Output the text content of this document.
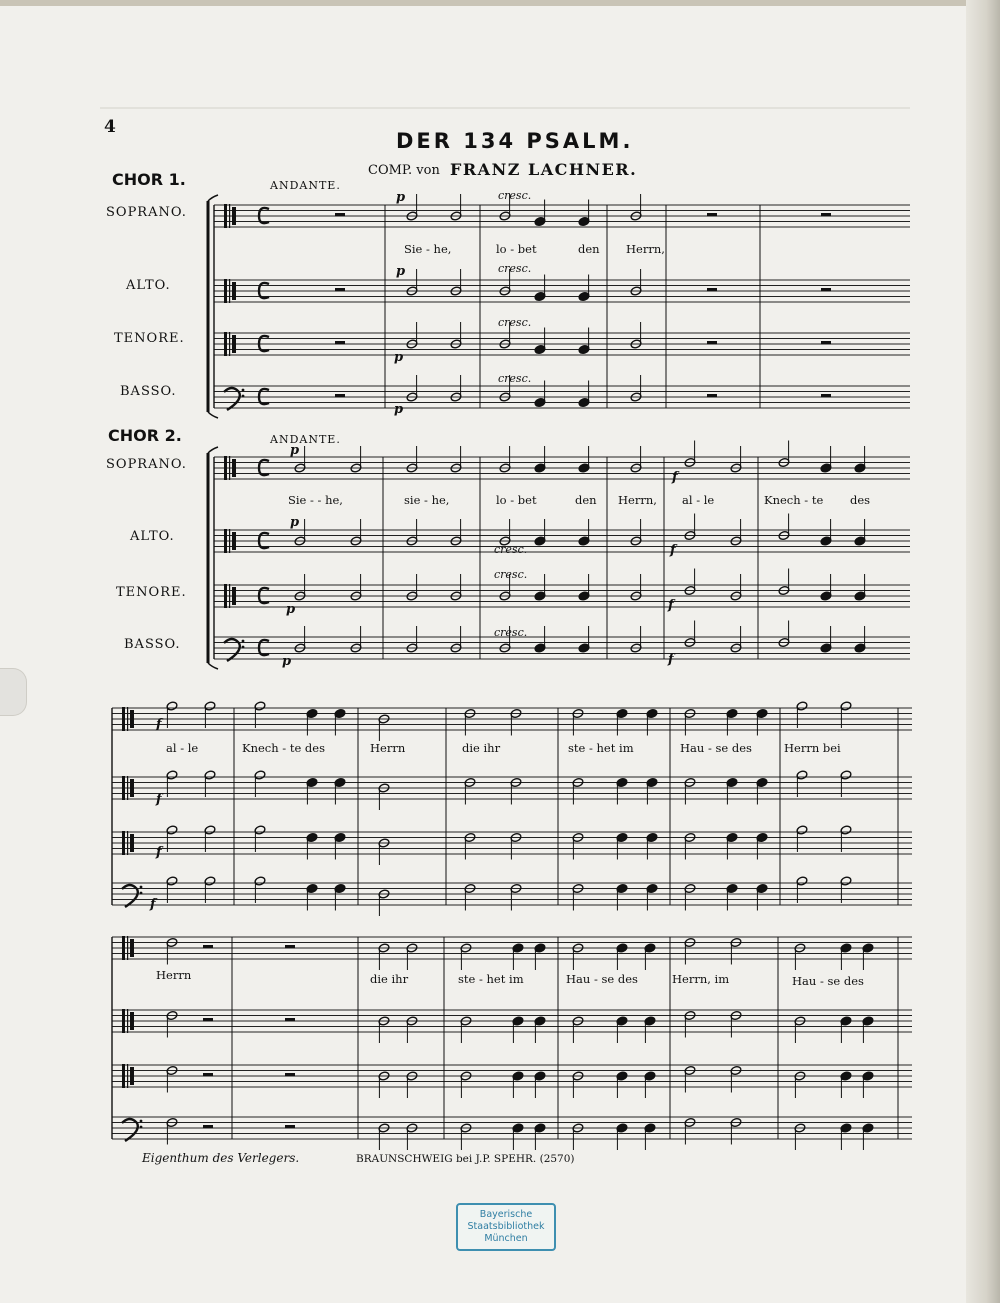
4
DER 134 PSALM.
COMP. von FRANZ LACHNER.
CHOR 1.	ANDANTE.
SOPRANO.
ALTO.
TENORE.
BASSO.
Sie - he,	lo - bet	den Herrn,
p
p
p
p
cresc.
cresc.
cresc.
cresc.
CHOR 2.	ANDANTE.
SOPRANO.
ALTO.
TENORE.
BASSO.
Sie - - he,	sie - he,	lo - bet	den Herrn, al - le	Knech - te des
p
p
p
p
f
f
f
f
cresc.
cresc.
cresc.
al - le	Knech - te des	Herrn	die ihr	ste - het im	Hau - se des	Herrn bei
f
f
f
f
Herrn	die ihr	ste - het im	Hau - se des	Herrn, im	Hau - se des
Eigenthum des Verlegers.	BRAUNSCHWEIG bei J.P. SPEHR. (2570)
Bayerische
Staatsbibliothek
München
